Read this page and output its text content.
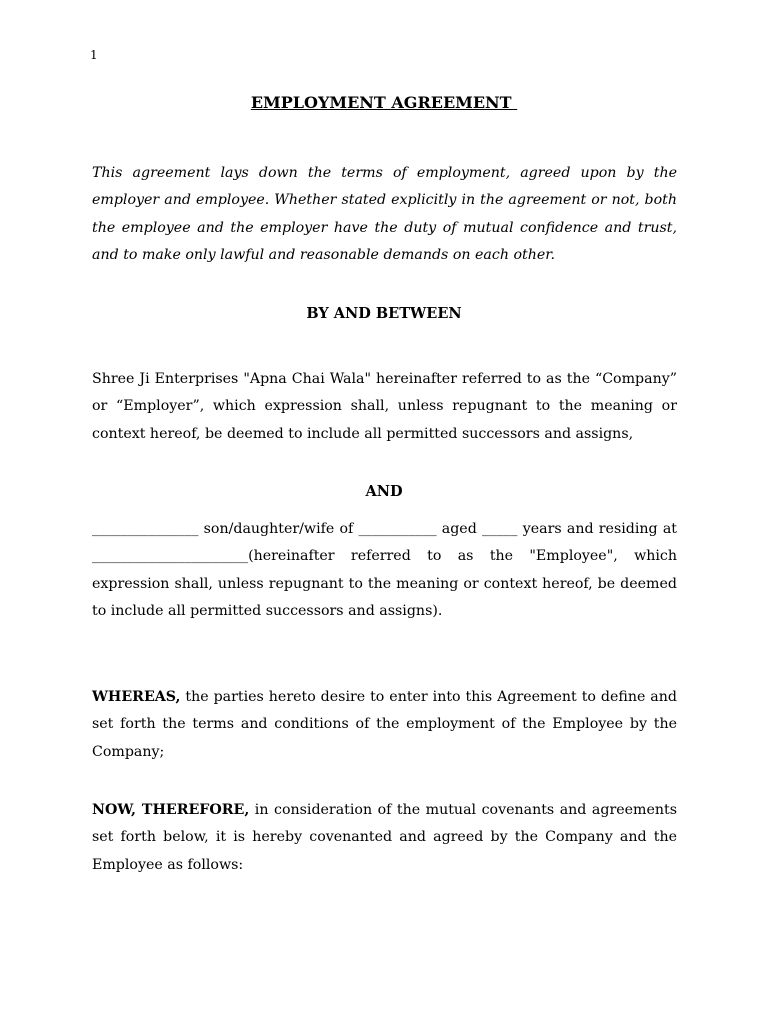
1
EMPLOYMENT AGREEMENT
This agreement lays down the terms of employment, agreed upon by the employer and employee. Whether stated explicitly in the agreement or not, both the employee and the employer have the duty of mutual confidence and trust, and to make only lawful and reasonable demands on each other.
BY AND BETWEEN
Shree Ji Enterprises "Apna Chai Wala" hereinafter referred to as the “Company” or “Employer”, which expression shall, unless repugnant to the meaning or context hereof, be deemed to include all permitted successors and assigns,
AND
_______________ son/daughter/wife of ___________ aged _____ years and residing at ______________________(hereinafter referred to as the "Employee", which expression shall, unless repugnant to the meaning or context hereof, be deemed to include all permitted successors and assigns).
WHEREAS, the parties hereto desire to enter into this Agreement to define and set forth the terms and conditions of the employment of the Employee by the Company;
NOW, THEREFORE, in consideration of the mutual covenants and agreements set forth below, it is hereby covenanted and agreed by the Company and the Employee as follows:
